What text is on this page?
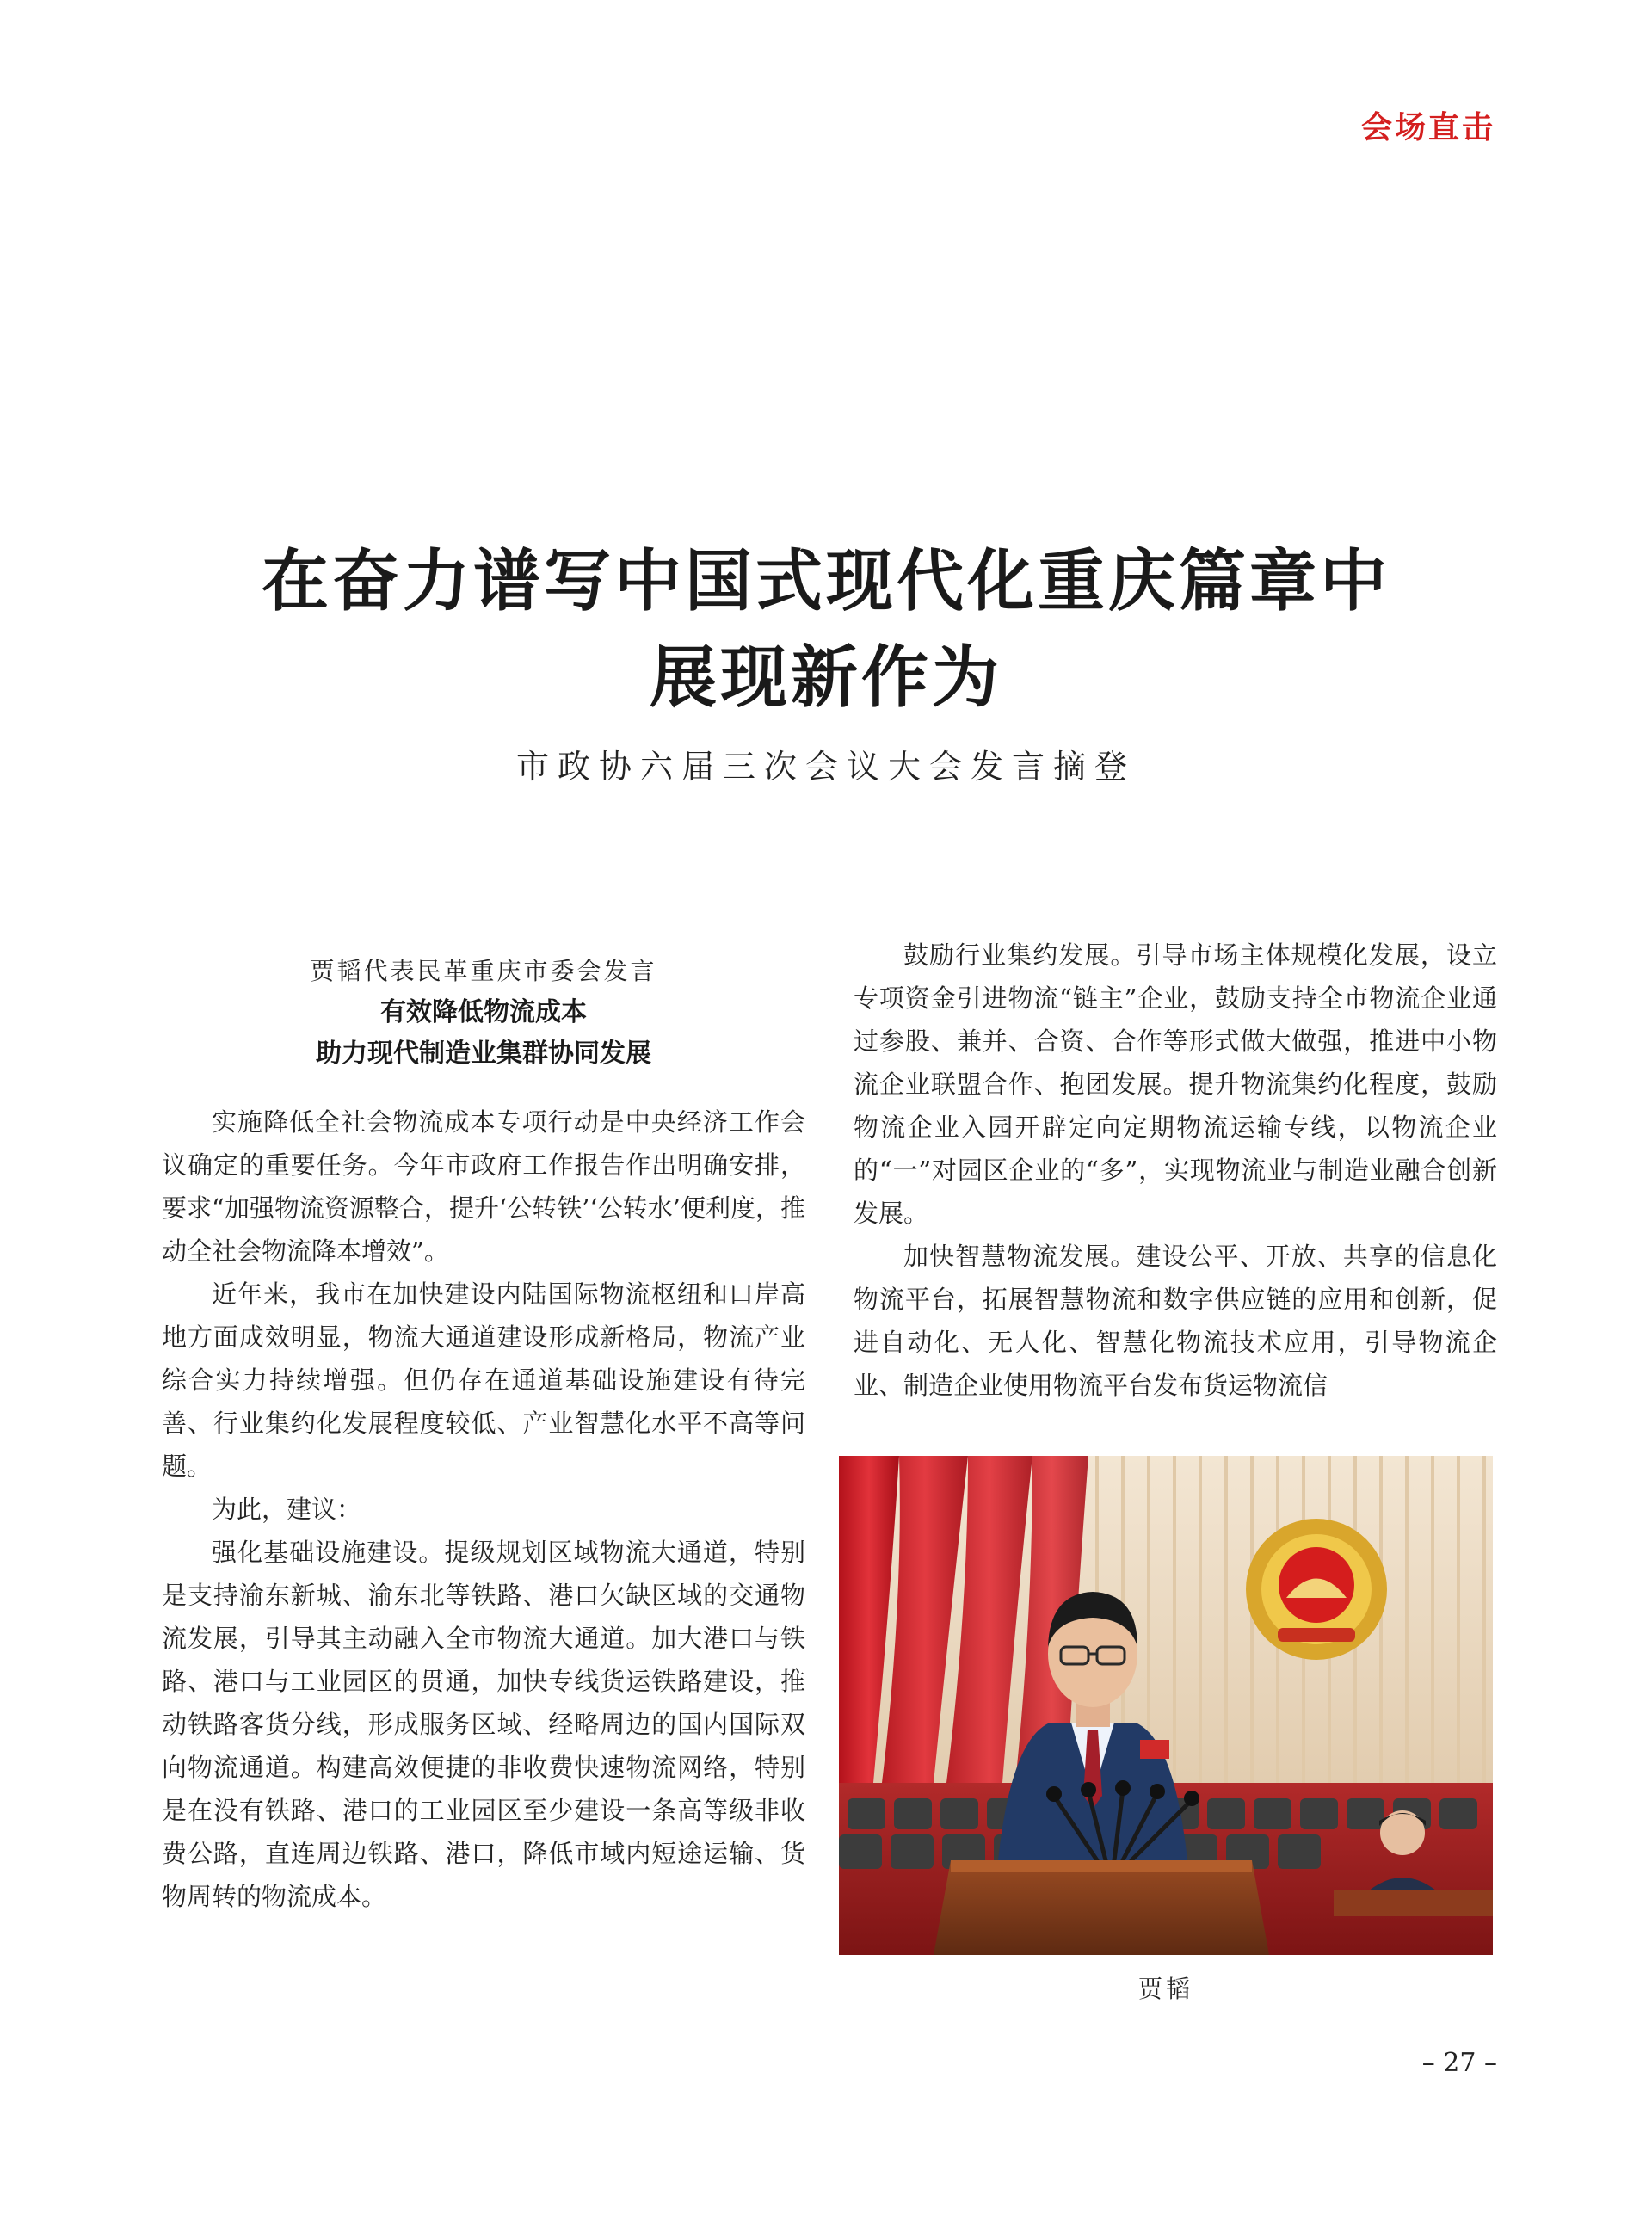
会场直击
在奋力谱写中国式现代化重庆篇章中
展现新作为
市政协六届三次会议大会发言摘登
贾韬代表民革重庆市委会发言
有效降低物流成本
助力现代制造业集群协同发展

实施降低全社会物流成本专项行动是中央经济工作会议确定的重要任务。今年市政府工作报告作出明确安排，要求“加强物流资源整合，提升‘公转铁’‘公转水’便利度，推动全社会物流降本增效”。

近年来，我市在加快建设内陆国际物流枢纽和口岸高地方面成效明显，物流大通道建设形成新格局，物流产业综合实力持续增强。但仍存在通道基础设施建设有待完善、行业集约化发展程度较低、产业智慧化水平不高等问题。

为此，建议：

强化基础设施建设。提级规划区域物流大通道，特别是支持渝东新城、渝东北等铁路、港口欠缺区域的交通物流发展，引导其主动融入全市物流大通道。加大港口与铁路、港口与工业园区的贯通，加快专线货运铁路建设，推动铁路客货分线，形成服务区域、经略周边的国内国际双向物流通道。构建高效便捷的非收费快速物流网络，特别是在没有铁路、港口的工业园区至少建设一条高等级非收费公路，直连周边铁路、港口，降低市域内短途运输、货物周转的物流成本。

鼓励行业集约发展。引导市场主体规模化发展，设立专项资金引进物流“链主”企业，鼓励支持全市物流企业通过参股、兼并、合资、合作等形式做大做强，推进中小物流企业联盟合作、抱团发展。提升物流集约化程度，鼓励物流企业入园开辟定向定期物流运输专线，以物流企业的“一”对园区企业的“多”，实现物流业与制造业融合创新发展。

加快智慧物流发展。建设公平、开放、共享的信息化物流平台，拓展智慧物流和数字供应链的应用和创新，促进自动化、无人化、智慧化物流技术应用，引导物流企业、制造企业使用物流平台发布货运物流信

贾韬
– 27 –
